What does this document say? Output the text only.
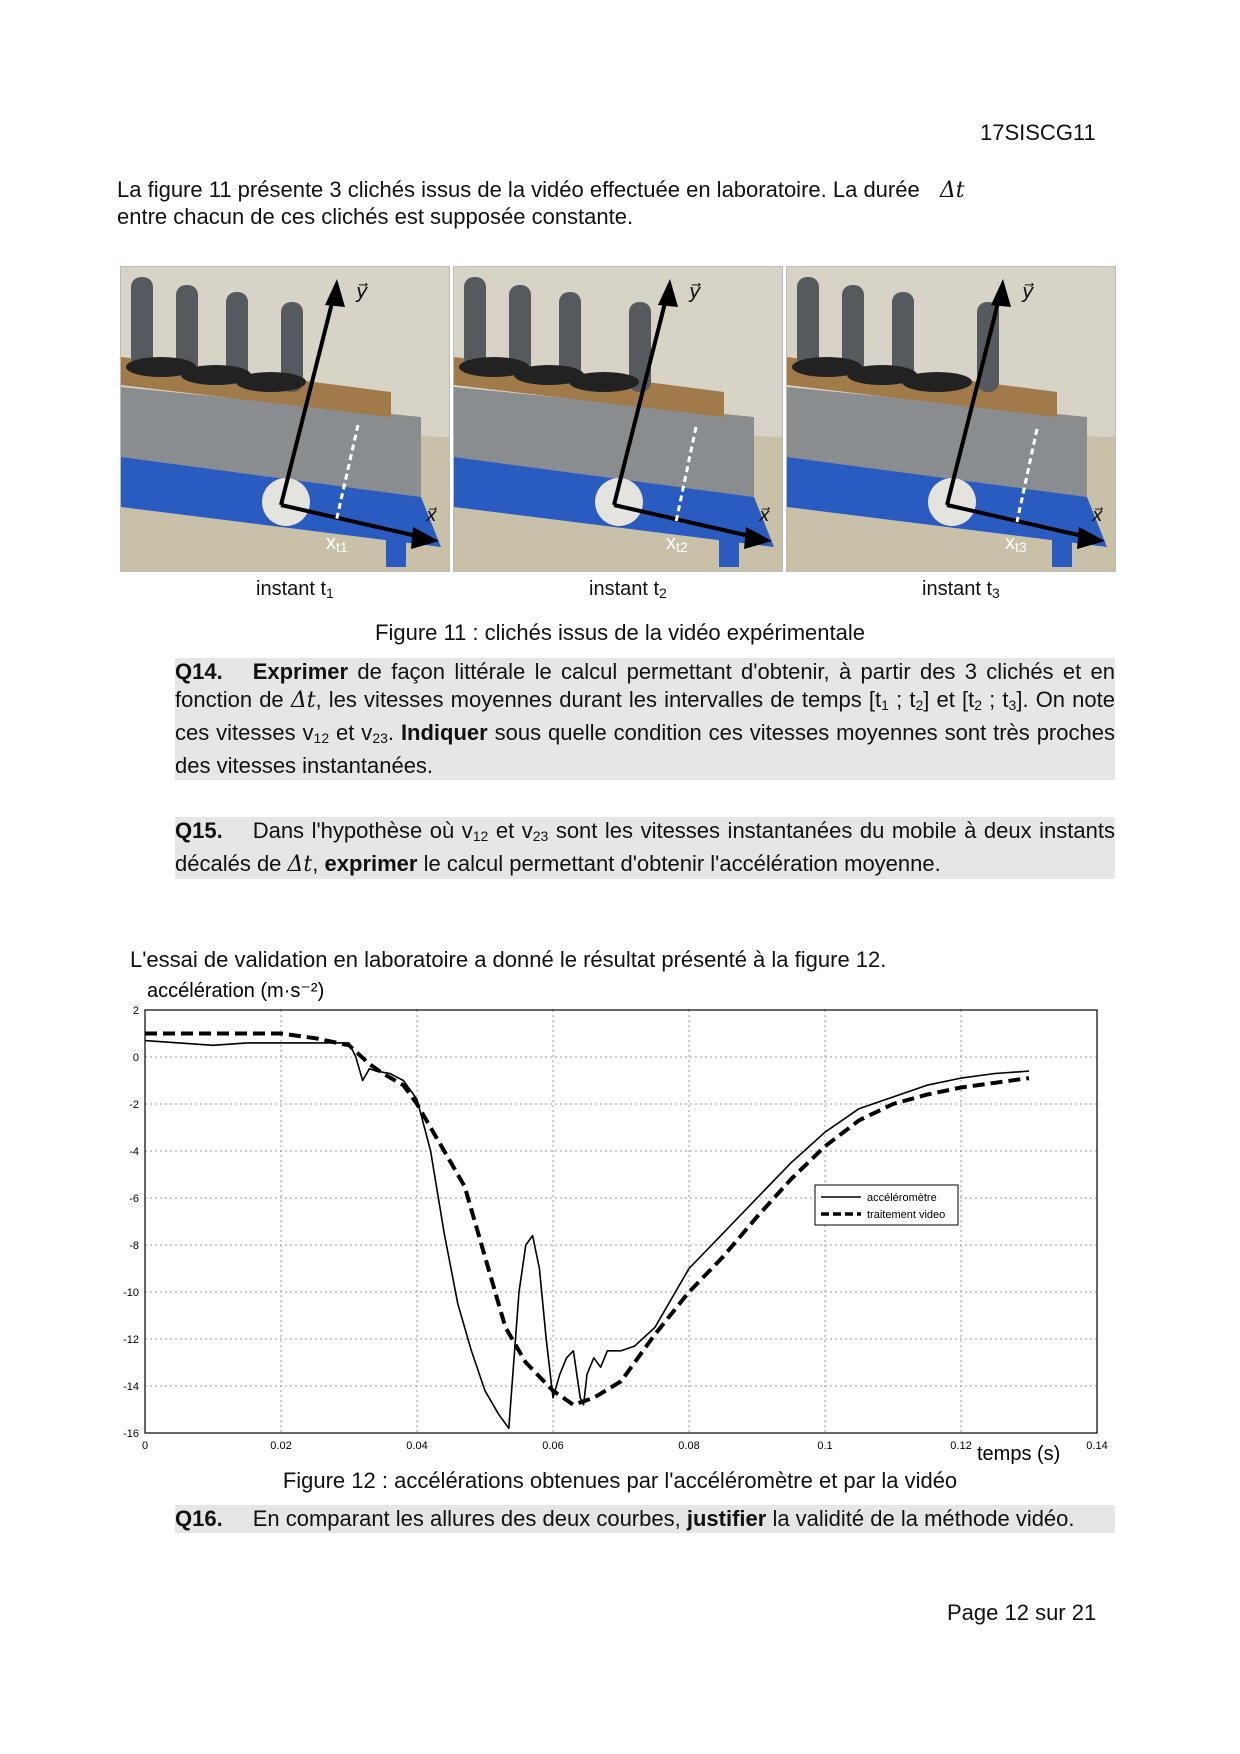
17SISCG11
La figure 11 présente 3 clichés issus de la vidéo effectuée en laboratoire. La durée Δt
entre chacun de ces clichés est supposée constante.
y⃗
x⃗
$x_{t1}$
y⃗
x⃗
$x_{t2}$
y⃗
x⃗
$x_{t3}$
instant $t_1$	instant $t_2$	instant $t_3$
Figure 11 : clichés issus de la vidéo expérimentale

Q14. Exprimer de façon littérale le calcul permettant d'obtenir, à partir des 3 clichés et en fonction de Δt, les vitesses moyennes durant les intervalles de temps [$t_1$ ; $t_2$] et [$t_2$ ; $t_3$]. On note ces vitesses $v_{12}$ et $v_{23}$. Indiquer sous quelle condition ces vitesses moyennes sont très proches des vitesses instantanées.

Q15. Dans l'hypothèse où $v_{12}$ et $v_{23}$ sont les vitesses instantanées du mobile à deux instants décalés de Δt, exprimer le calcul permettant d'obtenir l'accélération moyenne.

L'essai de validation en laboratoire a donné le résultat présenté à la figure 12.
0	0.02	0.04	0.06	0.08	0.1	0.12	0.14
2
0
-2
-4
-6
-8
-10
-12
-14
-16
accéléromètre
traitement video
accélération (m·s⁻²)
temps (s)
Figure 12 : accélérations obtenues par l'accéléromètre et par la vidéo

Q16. En comparant les allures des deux courbes, justifier la validité de la méthode vidéo.

Page 12 sur 21
